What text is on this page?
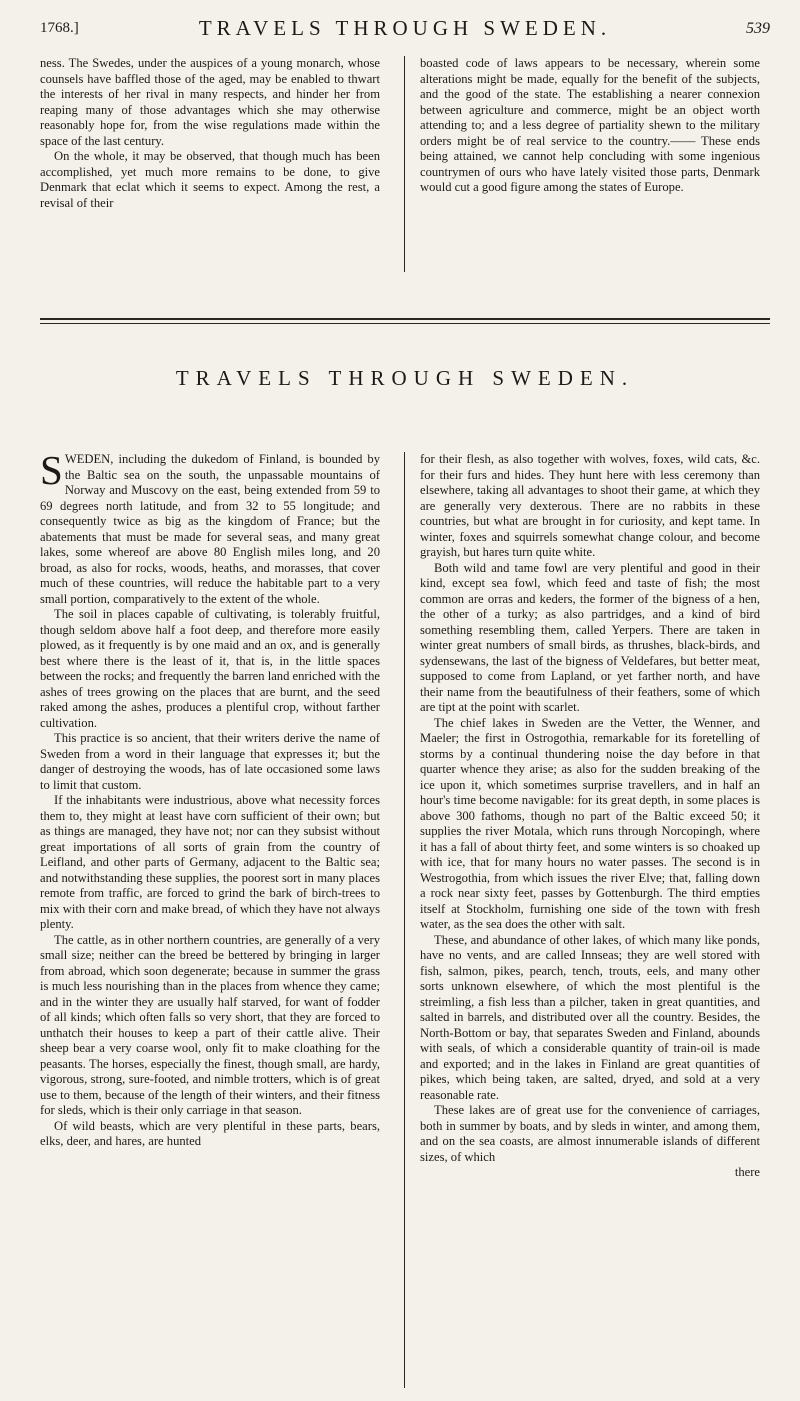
1768.]	TRAVELS THROUGH SWEDEN.	539

ness. The Swedes, under the auspices of a young monarch, whose counsels have baffled those of the aged, may be enabled to thwart the interests of her rival in many respects, and hinder her from reaping many of those advantages which she may otherwise reasonably hope for, from the wise regulations made within the space of the last century.

On the whole, it may be observed, that though much has been accomplished, yet much more remains to be done, to give Denmark that eclat which it seems to expect. Among the rest, a revisal of their

boasted code of laws appears to be necessary, wherein some alterations might be made, equally for the benefit of the subjects, and the good of the state. The establishing a nearer connexion between agriculture and commerce, might be an object worth attending to; and a less degree of partiality shewn to the military orders might be of real service to the country.—— These ends being attained, we cannot help concluding with some ingenious countrymen of ours who have lately visited those parts, Denmark would cut a good figure among the states of Europe.

TRAVELS THROUGH SWEDEN.

SWEDEN, including the dukedom of Finland, is bounded by the Baltic sea on the south, the unpassable mountains of Norway and Muscovy on the east, being extended from 59 to 69 degrees north latitude, and from 32 to 55 longitude; and consequently twice as big as the kingdom of France; but the abatements that must be made for several seas, and many great lakes, some whereof are above 80 English miles long, and 20 broad, as also for rocks, woods, heaths, and morasses, that cover much of these countries, will reduce the habitable part to a very small portion, comparatively to the extent of the whole.

The soil in places capable of cultivating, is tolerably fruitful, though seldom above half a foot deep, and therefore more easily plowed, as it frequently is by one maid and an ox, and is generally best where there is the least of it, that is, in the little spaces between the rocks; and frequently the barren land enriched with the ashes of trees growing on the places that are burnt, and the seed raked among the ashes, produces a plentiful crop, without farther cultivation.

This practice is so ancient, that their writers derive the name of Sweden from a word in their language that expresses it; but the danger of destroying the woods, has of late occasioned some laws to limit that custom.

If the inhabitants were industrious, above what necessity forces them to, they might at least have corn sufficient of their own; but as things are managed, they have not; nor can they subsist without great importations of all sorts of grain from the country of Leifland, and other parts of Germany, adjacent to the Baltic sea; and notwithstanding these supplies, the poorest sort in many places remote from traffic, are forced to grind the bark of birch-trees to mix with their corn and make bread, of which they have not always plenty.

The cattle, as in other northern countries, are generally of a very small size; neither can the breed be bettered by bringing in larger from abroad, which soon degenerate; because in summer the grass is much less nourishing than in the places from whence they came; and in the winter they are usually half starved, for want of fodder of all kinds; which often falls so very short, that they are forced to unthatch their houses to keep a part of their cattle alive. Their sheep bear a very coarse wool, only fit to make cloathing for the peasants. The horses, especially the finest, though small, are hardy, vigorous, strong, sure-footed, and nimble trotters, which is of great use to them, because of the length of their winters, and their fitness for sleds, which is their only carriage in that season.

Of wild beasts, which are very plentiful in these parts, bears, elks, deer, and hares, are hunted

for their flesh, as also together with wolves, foxes, wild cats, &c. for their furs and hides. They hunt here with less ceremony than elsewhere, taking all advantages to shoot their game, at which they are generally very dexterous. There are no rabbits in these countries, but what are brought in for curiosity, and kept tame. In winter, foxes and squirrels somewhat change colour, and become grayish, but hares turn quite white.

Both wild and tame fowl are very plentiful and good in their kind, except sea fowl, which feed and taste of fish; the most common are orras and keders, the former of the bigness of a hen, the other of a turky; as also partridges, and a kind of bird something resembling them, called Yerpers. There are taken in winter great numbers of small birds, as thrushes, black-birds, and sydensewans, the last of the bigness of Veldefares, but better meat, supposed to come from Lapland, or yet farther north, and have their name from the beautifulness of their feathers, some of which are tipt at the point with scarlet.

The chief lakes in Sweden are the Vetter, the Wenner, and Maeler; the first in Ostrogothia, remarkable for its foretelling of storms by a continual thundering noise the day before in that quarter whence they arise; as also for the sudden breaking of the ice upon it, which sometimes surprise travellers, and in half an hour's time become navigable: for its great depth, in some places is above 300 fathoms, though no part of the Baltic exceed 50; it supplies the river Motala, which runs through Norcopingh, where it has a fall of about thirty feet, and some winters is so choaked up with ice, that for many hours no water passes. The second is in Westrogothia, from which issues the river Elve; that, falling down a rock near sixty feet, passes by Gottenburgh. The third empties itself at Stockholm, furnishing one side of the town with fresh water, as the sea does the other with salt.

These, and abundance of other lakes, of which many like ponds, have no vents, and are called Innseas; they are well stored with fish, salmon, pikes, pearch, tench, trouts, eels, and many other sorts unknown elsewhere, of which the most plentiful is the streimling, a fish less than a pilcher, taken in great quantities, and salted in barrels, and distributed over all the country. Besides, the North-Bottom or bay, that separates Sweden and Finland, abounds with seals, of which a considerable quantity of train-oil is made and exported; and in the lakes in Finland are great quantities of pikes, which being taken, are salted, dryed, and sold at a very reasonable rate.

These lakes are of great use for the convenience of carriages, both in summer by boats, and by sleds in winter, and among them, and on the sea coasts, are almost innumerable islands of different sizes, of which

there
